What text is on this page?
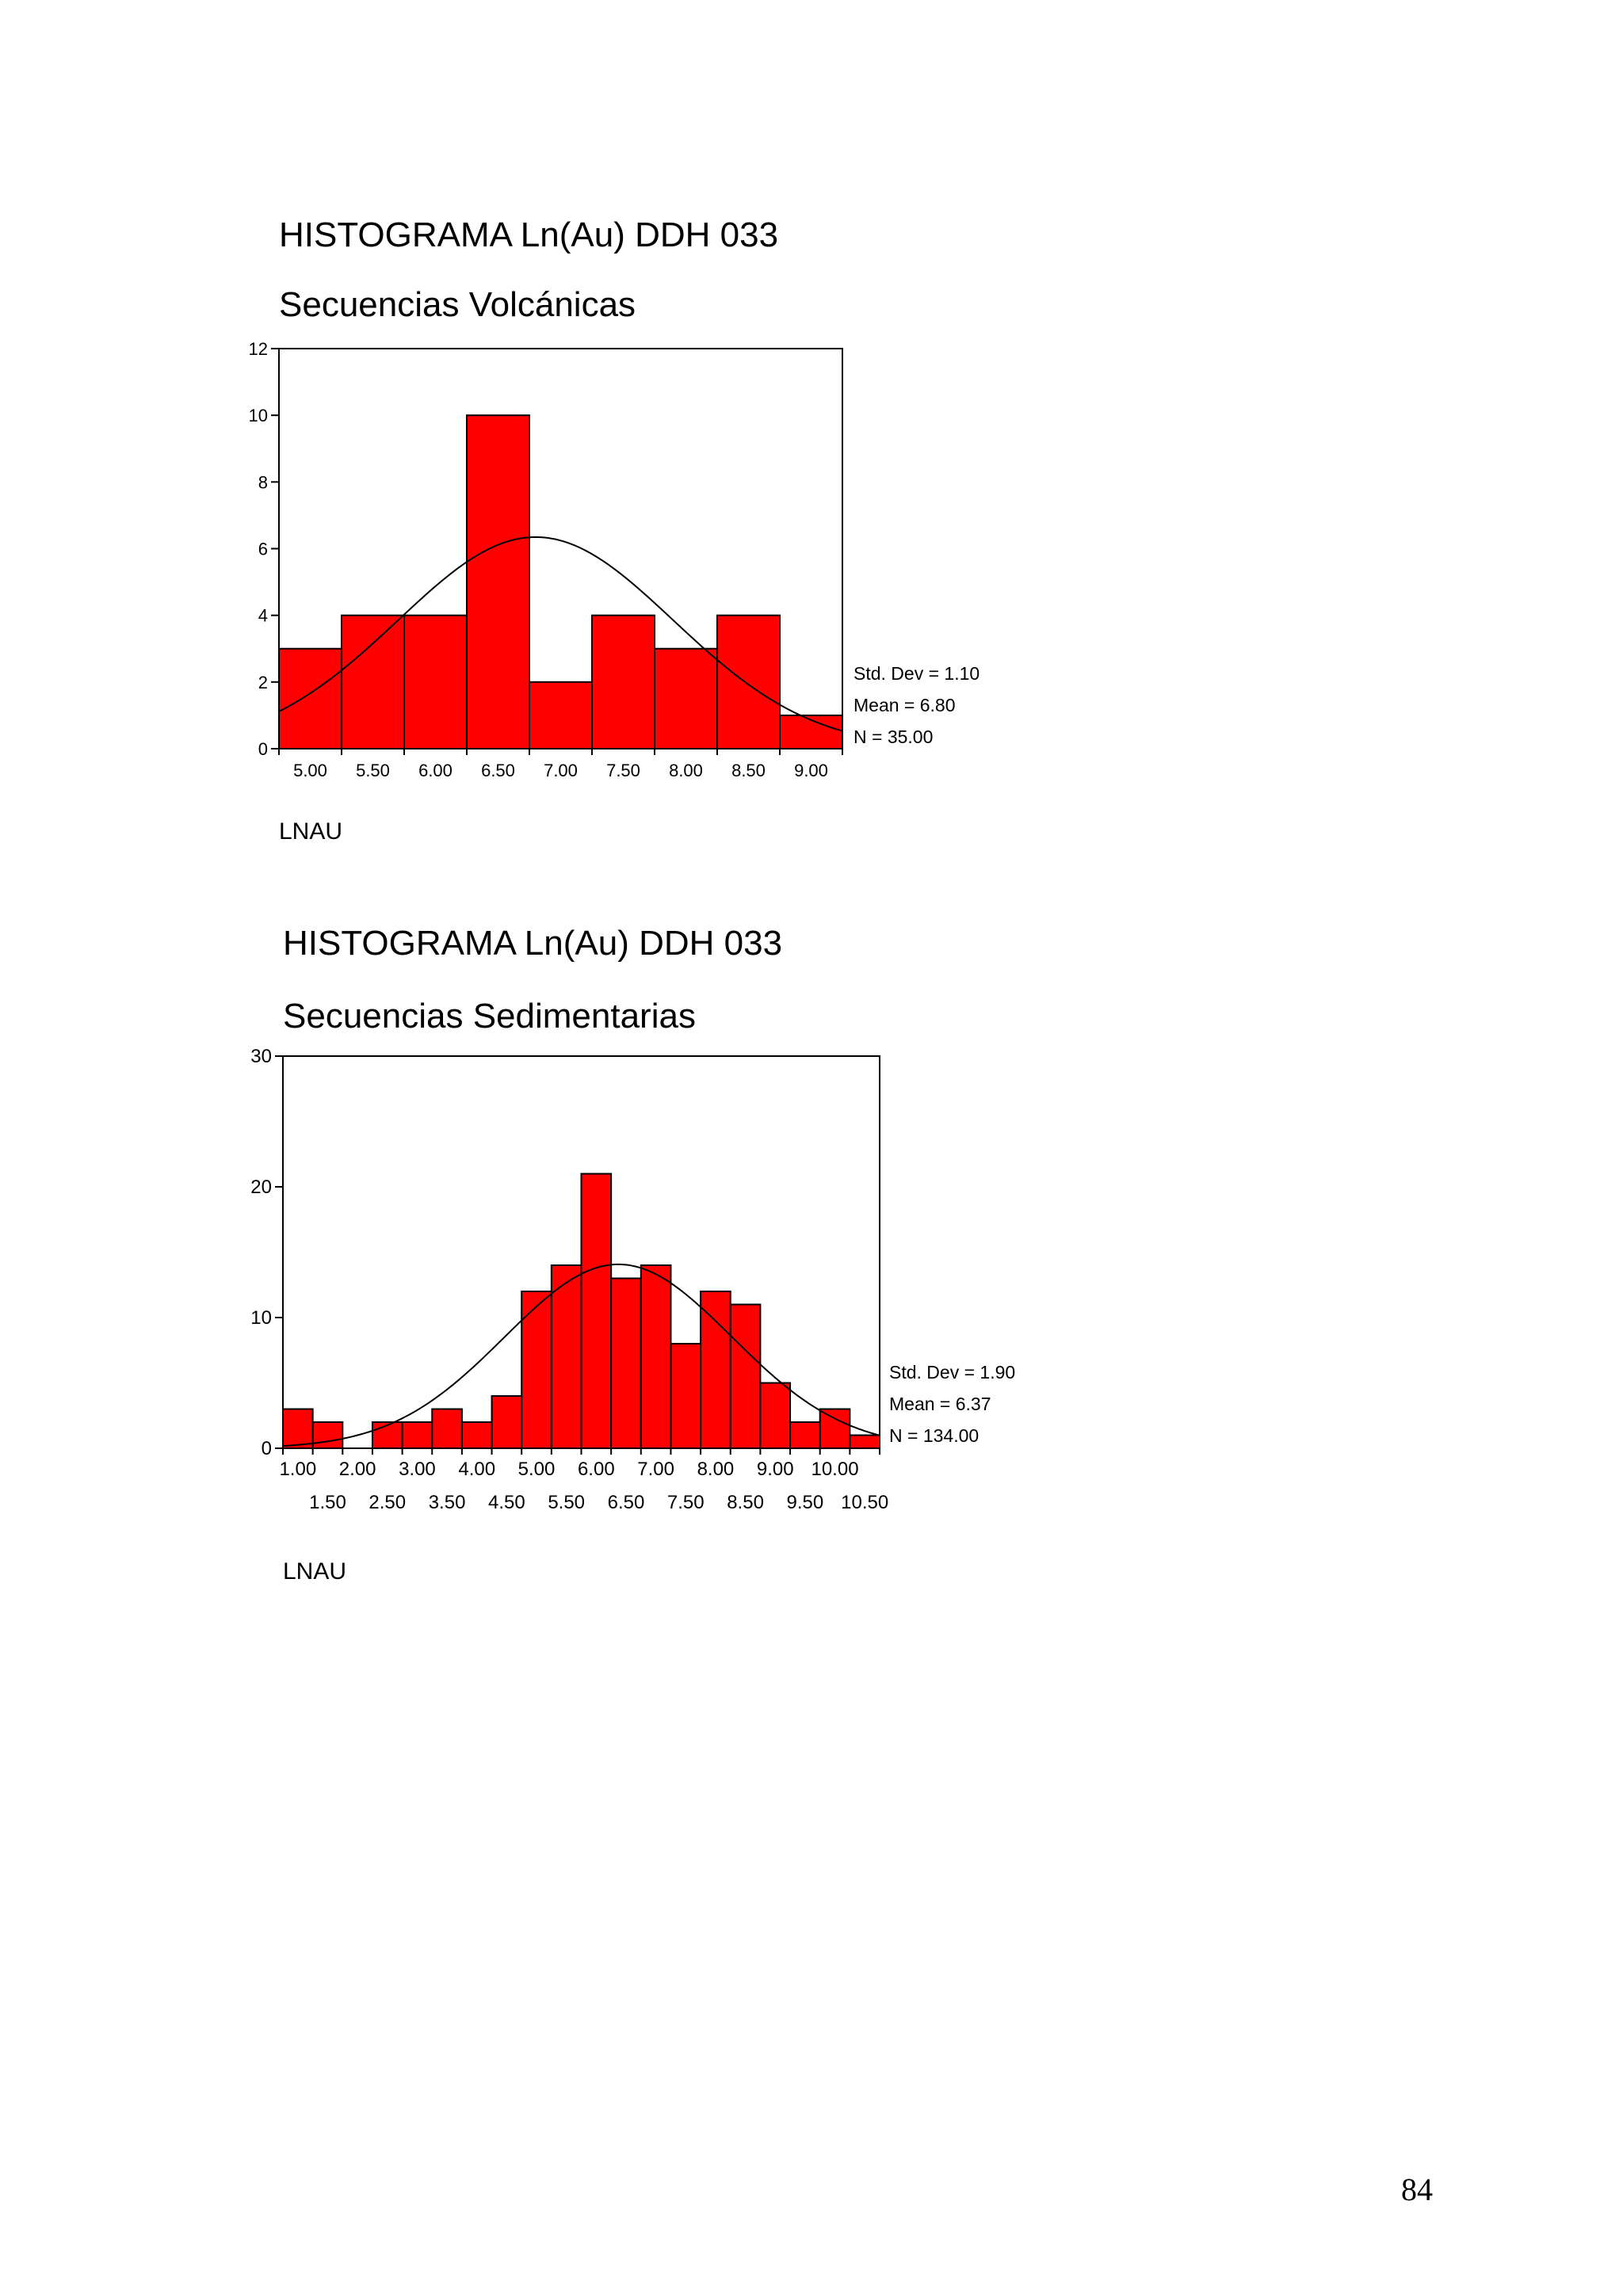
HISTOGRAMA Ln(Au) DDH 033
Secuencias Volcánicas
0
2
4
6
8
10
12
5.00 5.50 6.00 6.50 7.00 7.50 8.00 8.50 9.00
Std. Dev = 1.10
Mean = 6.80
N = 35.00
LNAU
HISTOGRAMA Ln(Au) DDH 033
Secuencias Sedimentarias
0
10
20
30
1.00 2.00 3.00 4.00 5.00 6.00 7.00 8.00 9.00 10.00
1.50 2.50 3.50 4.50 5.50 6.50 7.50 8.50 9.50 10.50
Std. Dev = 1.90
Mean = 6.37
N = 134.00
LNAU
84
